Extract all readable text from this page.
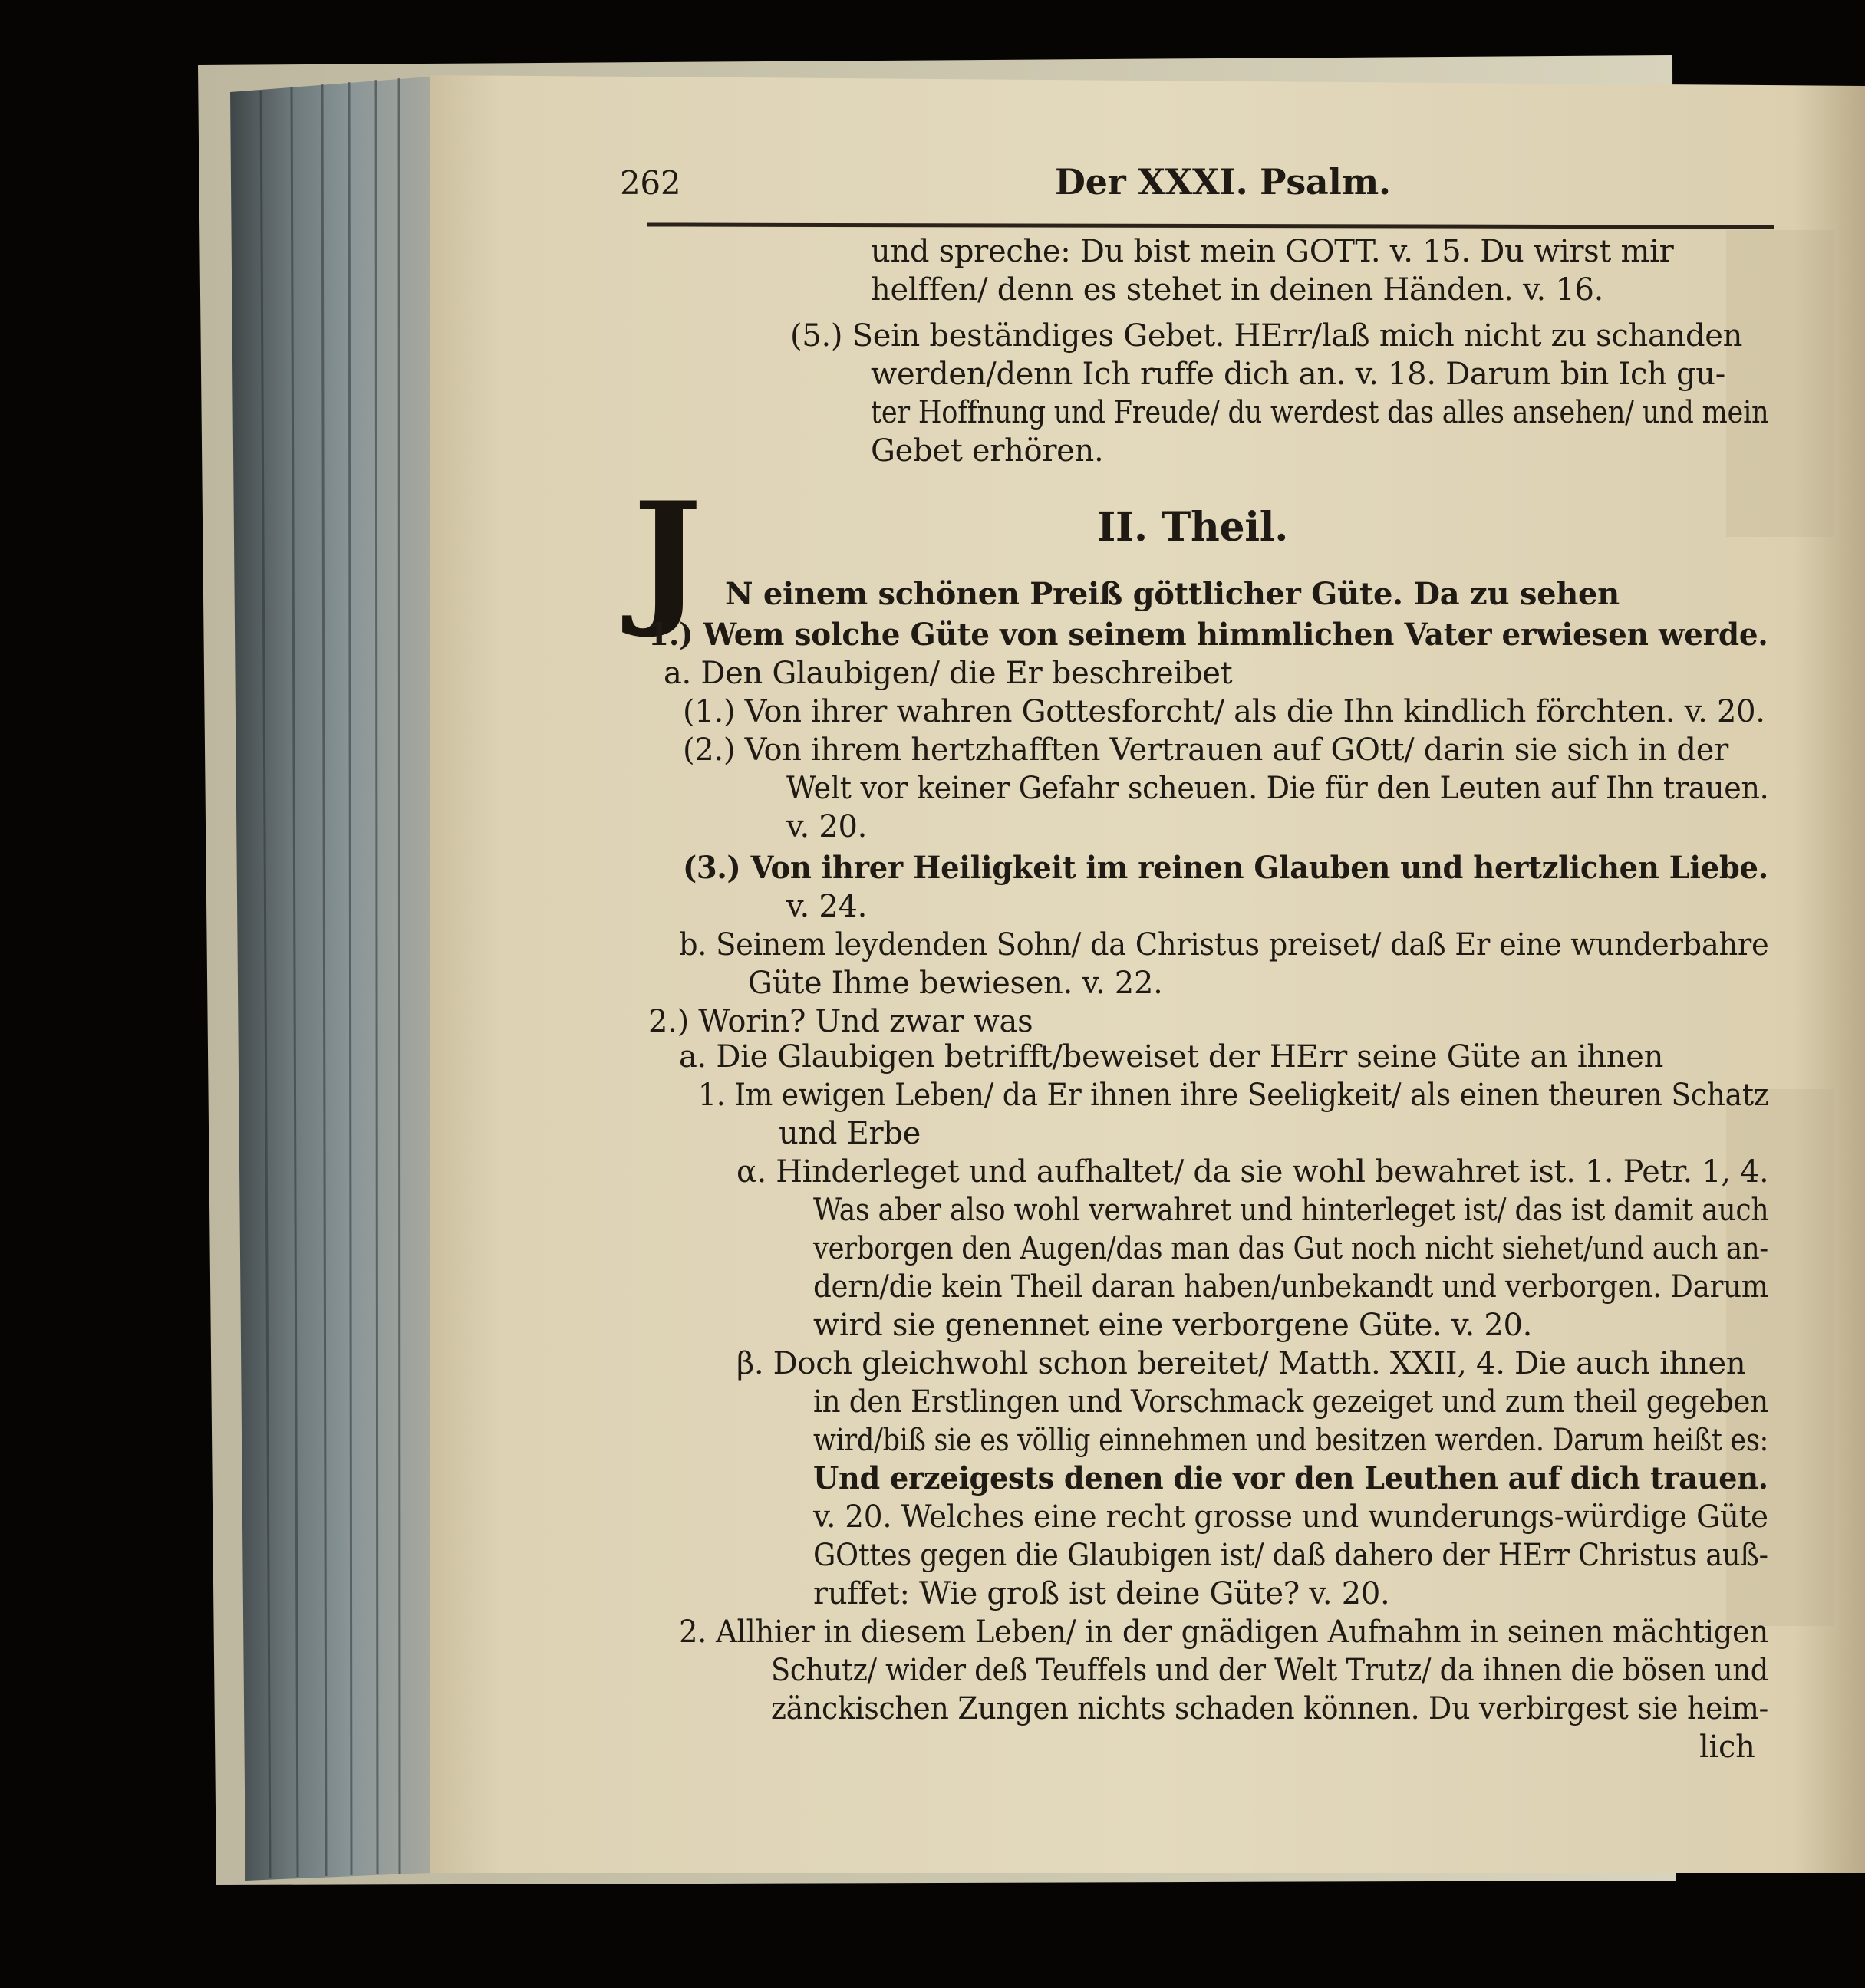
262	Der XXXI. Psalm.
und spreche: Du bist mein GOTT. v. 15. Du wirst mir
helffen/ denn es stehet in deinen Händen. v. 16.
(5.) Sein beständiges Gebet. HErr/laß mich nicht zu schanden
werden/denn Ich ruffe dich an. v. 18. Darum bin Ich gu-
ter Hoffnung und Freude/ du werdest das alles ansehen/ und mein
Gebet erhören.
J	II. Theil.
N einem schönen Preiß göttlicher Güte. Da zu sehen
1.) Wem solche Güte von seinem himmlichen Vater erwiesen werde.
a. Den Glaubigen/ die Er beschreibet
(1.) Von ihrer wahren Gottesforcht/ als die Ihn kindlich förchten. v. 20.
(2.) Von ihrem hertzhafften Vertrauen auf GOtt/ darin sie sich in der
Welt vor keiner Gefahr scheuen. Die für den Leuten auf Ihn trauen.
v. 20.
(3.) Von ihrer Heiligkeit im reinen Glauben und hertzlichen Liebe.
v. 24.
b. Seinem leydenden Sohn/ da Christus preiset/ daß Er eine wunderbahre
Güte Ihme bewiesen. v. 22.
2.) Worin? Und zwar was
a. Die Glaubigen betrifft/beweiset der HErr seine Güte an ihnen
1. Im ewigen Leben/ da Er ihnen ihre Seeligkeit/ als einen theuren Schatz
und Erbe
α. Hinderleget und aufhaltet/ da sie wohl bewahret ist. 1. Petr. 1, 4.
Was aber also wohl verwahret und hinterleget ist/ das ist damit auch
verborgen den Augen/das man das Gut noch nicht siehet/und auch an-
dern/die kein Theil daran haben/unbekandt und verborgen. Darum
wird sie genennet eine verborgene Güte. v. 20.
β. Doch gleichwohl schon bereitet/ Matth. XXII, 4. Die auch ihnen
in den Erstlingen und Vorschmack gezeiget und zum theil gegeben
wird/biß sie es völlig einnehmen und besitzen werden. Darum heißt es:
Und erzeigests denen die vor den Leuthen auf dich trauen.
v. 20. Welches eine recht grosse und wunderungs-würdige Güte
GOttes gegen die Glaubigen ist/ daß dahero der HErr Christus auß-
ruffet: Wie groß ist deine Güte? v. 20.
2. Allhier in diesem Leben/ in der gnädigen Aufnahm in seinen mächtigen
Schutz/ wider deß Teuffels und der Welt Trutz/ da ihnen die bösen und
zänckischen Zungen nichts schaden können. Du verbirgest sie heim-
lich
